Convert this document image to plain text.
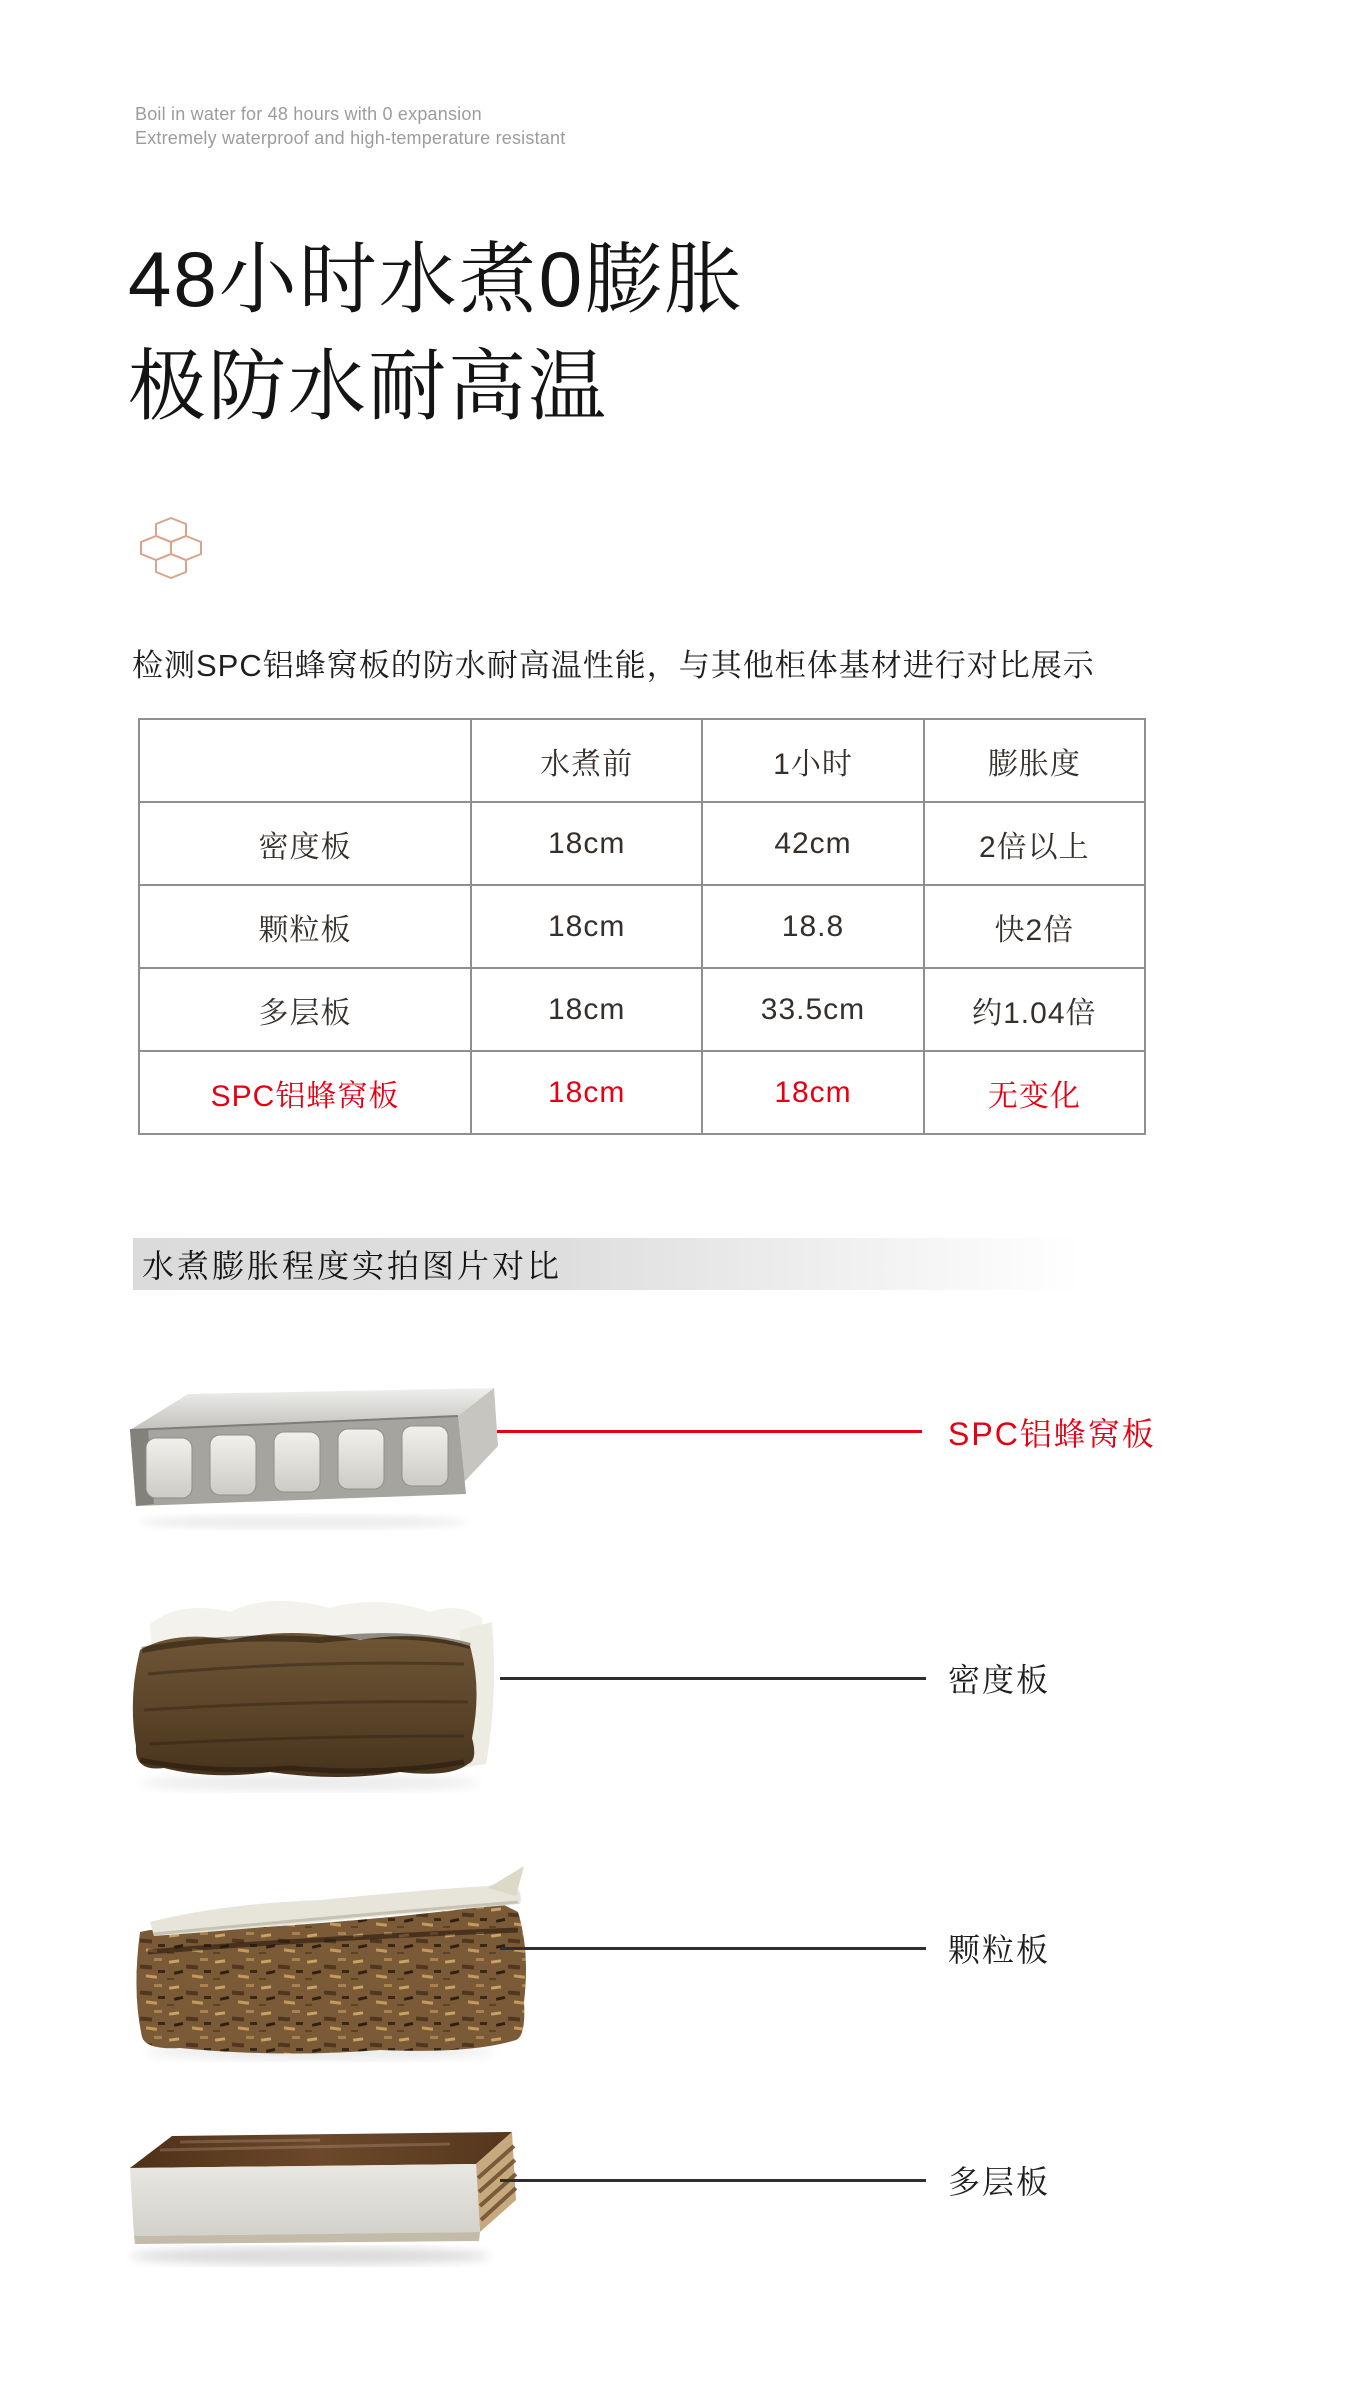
Boil in water for 48 hours with 0 expansion
Extremely waterproof and high-temperature resistant
48小时水煮0膨胀
极防水耐高温
检测SPC铝蜂窝板的防水耐高温性能，与其他柜体基材进行对比展示
	水煮前	1小时	膨胀度
密度板	18cm	42cm	2倍以上
颗粒板	18cm	18.8	快2倍
多层板	18cm	33.5cm	约1.04倍
SPC铝蜂窝板	18cm	18cm	无变化
水煮膨胀程度实拍图片对比
SPC铝蜂窝板
密度板
颗粒板
多层板
